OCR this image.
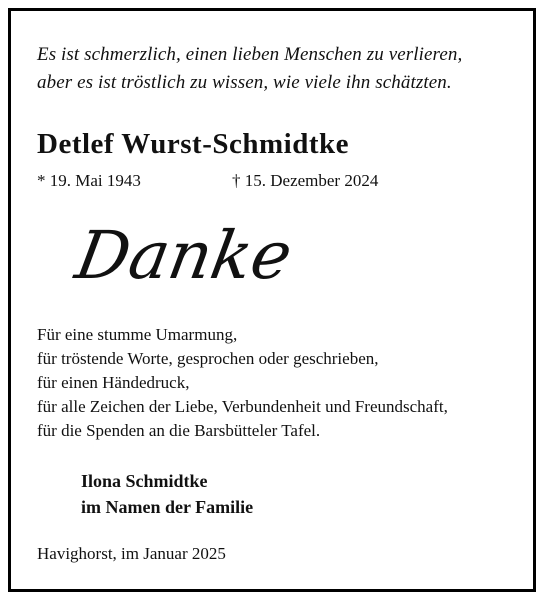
Es ist schmerzlich, einen lieben Menschen zu verlieren,
aber es ist tröstlich zu wissen, wie viele ihn schätzten.
Detlef Wurst-Schmidtke
* 19. Mai 1943	† 15. Dezember 2024
Danke
Für eine stumme Umarmung,
für tröstende Worte, gesprochen oder geschrieben,
für einen Händedruck,
für alle Zeichen der Liebe, Verbundenheit und Freundschaft,
für die Spenden an die Barsbütteler Tafel.
Ilona Schmidtke
im Namen der Familie
Havighorst, im Januar 2025
